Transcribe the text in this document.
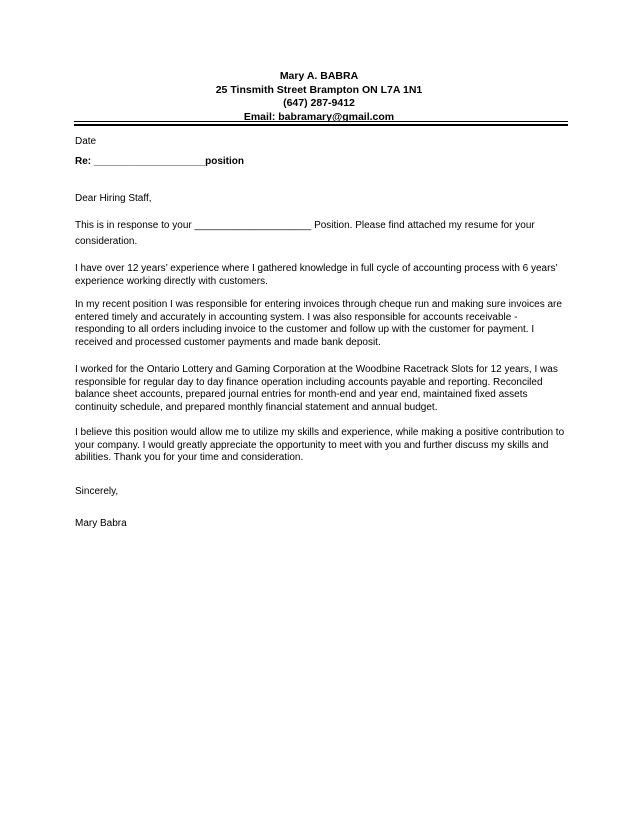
Mary A. BABRA
25 Tinsmith Street Brampton ON L7A 1N1
(647) 287-9412
Email: babramary@gmail.com
Date
Re: ____________________position
Dear Hiring Staff,

This is in response to your _____________________ Position. Please find attached my resume for your consideration.

I have over 12 years’ experience where I gathered knowledge in full cycle of accounting process with 6 years’ experience working directly with customers.

In my recent position I was responsible for entering invoices through cheque run and making sure invoices are entered timely and accurately in accounting system. I was also responsible for accounts receivable - responding to all orders including invoice to the customer and follow up with the customer for payment. I received and processed customer payments and made bank deposit.

I worked for the Ontario Lottery and Gaming Corporation at the Woodbine Racetrack Slots for 12 years, I was responsible for regular day to day finance operation including accounts payable and reporting. Reconciled balance sheet accounts, prepared journal entries for month-end and year end, maintained fixed assets continuity schedule, and prepared monthly financial statement and annual budget.

I believe this position would allow me to utilize my skills and experience, while making a positive contribution to your company. I would greatly appreciate the opportunity to meet with you and further discuss my skills and abilities. Thank you for your time and consideration.

Sincerely,
Mary Babra
